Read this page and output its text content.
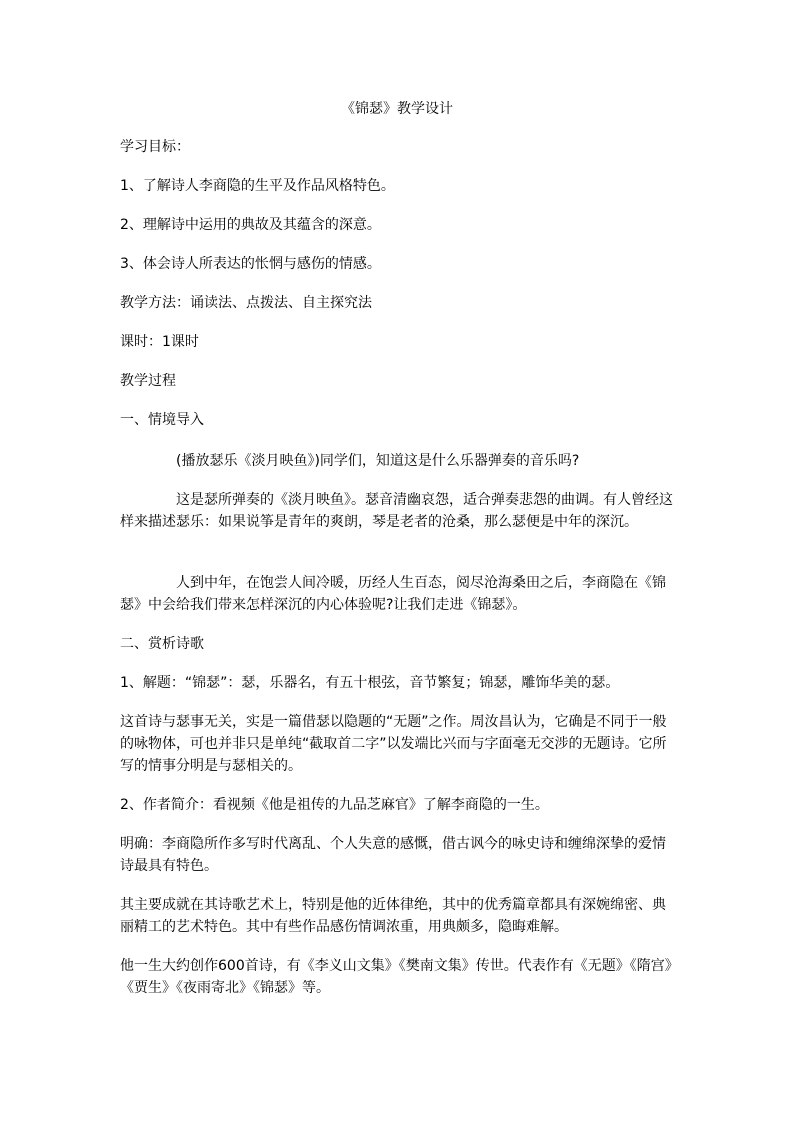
《锦瑟》教学设计

学习目标：

1、了解诗人李商隐的生平及作品风格特色。

2、理解诗中运用的典故及其蕴含的深意。

3、体会诗人所表达的怅惘与感伤的情感。

教学方法：诵读法、点拨法、自主探究法

课时：1课时

教学过程

一、情境导入

(播放瑟乐《淡月映鱼》)同学们，知道这是什么乐器弹奏的音乐吗?

这是瑟所弹奏的《淡月映鱼》。瑟音清幽哀怨，适合弹奏悲怨的曲调。有人曾经这样来描述瑟乐：如果说筝是青年的爽朗，琴是老者的沧桑，那么瑟便是中年的深沉。

人到中年，在饱尝人间冷暖，历经人生百态，阅尽沧海桑田之后，李商隐在《锦瑟》中会给我们带来怎样深沉的内心体验呢?让我们走进《锦瑟》。

二、赏析诗歌

1、解题：“锦瑟”：瑟，乐器名，有五十根弦，音节繁复；锦瑟，雕饰华美的瑟。

这首诗与瑟事无关，实是一篇借瑟以隐题的“无题”之作。周汝昌认为，它确是不同于一般的咏物体，可也并非只是单纯“截取首二字”以发端比兴而与字面毫无交涉的无题诗。它所写的情事分明是与瑟相关的。

2、作者简介：看视频《他是祖传的九品芝麻官》了解李商隐的一生。

明确：李商隐所作多写时代离乱、个人失意的感慨，借古讽今的咏史诗和缠绵深挚的爱情诗最具有特色。

其主要成就在其诗歌艺术上，特别是他的近体律绝，其中的优秀篇章都具有深婉绵密、典丽精工的艺术特色。其中有些作品感伤情调浓重，用典颇多，隐晦难解。

他一生大约创作600首诗，有《李义山文集》《樊南文集》传世。代表作有《无题》《隋宫》《贾生》《夜雨寄北》《锦瑟》等。
